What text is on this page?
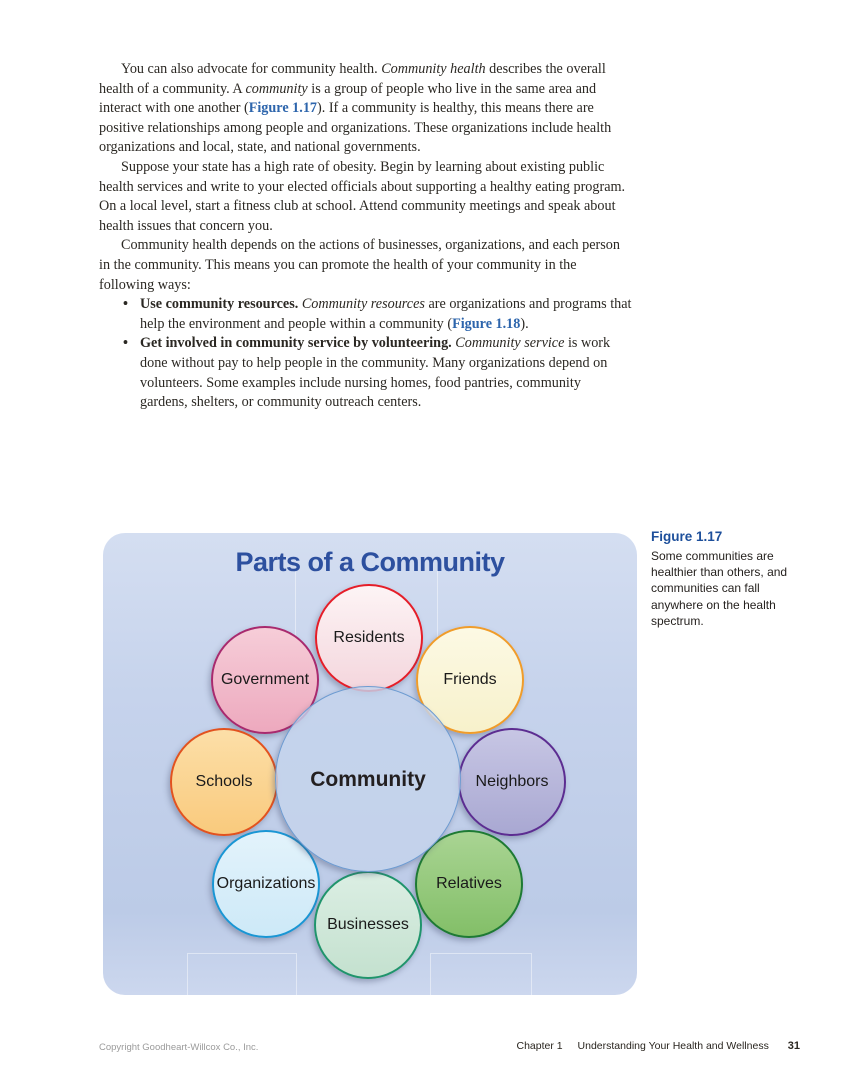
You can also advocate for community health. Community health describes the overall health of a community. A community is a group of people who live in the same area and interact with one another (Figure 1.17). If a community is healthy, this means there are positive relationships among people and organizations. These organizations include health organizations and local, state, and national governments.

Suppose your state has a high rate of obesity. Begin by learning about existing public health services and write to your elected officials about supporting a healthy eating program. On a local level, start a fitness club at school. Attend community meetings and speak about health issues that concern you.

Community health depends on the actions of businesses, organizations, and each person in the community. This means you can promote the health of your community in the following ways:

• Use community resources. Community resources are organizations and programs that help the environment and people within a community (Figure 1.18).
• Get involved in community service by volunteering. Community service is work done without pay to help people in the community. Many organizations depend on volunteers. Some examples include nursing homes, food pantries, community gardens, shelters, or community outreach centers.
Parts of a Community
Residents
Government	Friends
Schools	Neighbors
Organizations	Relatives
Businesses
Community

Figure 1.17

Some communities are healthier than others, and communities can fall anywhere on the health spectrum.

Copyright Goodheart-Willcox Co., Inc.	Chapter 1 Understanding Your Health and Wellness 31
